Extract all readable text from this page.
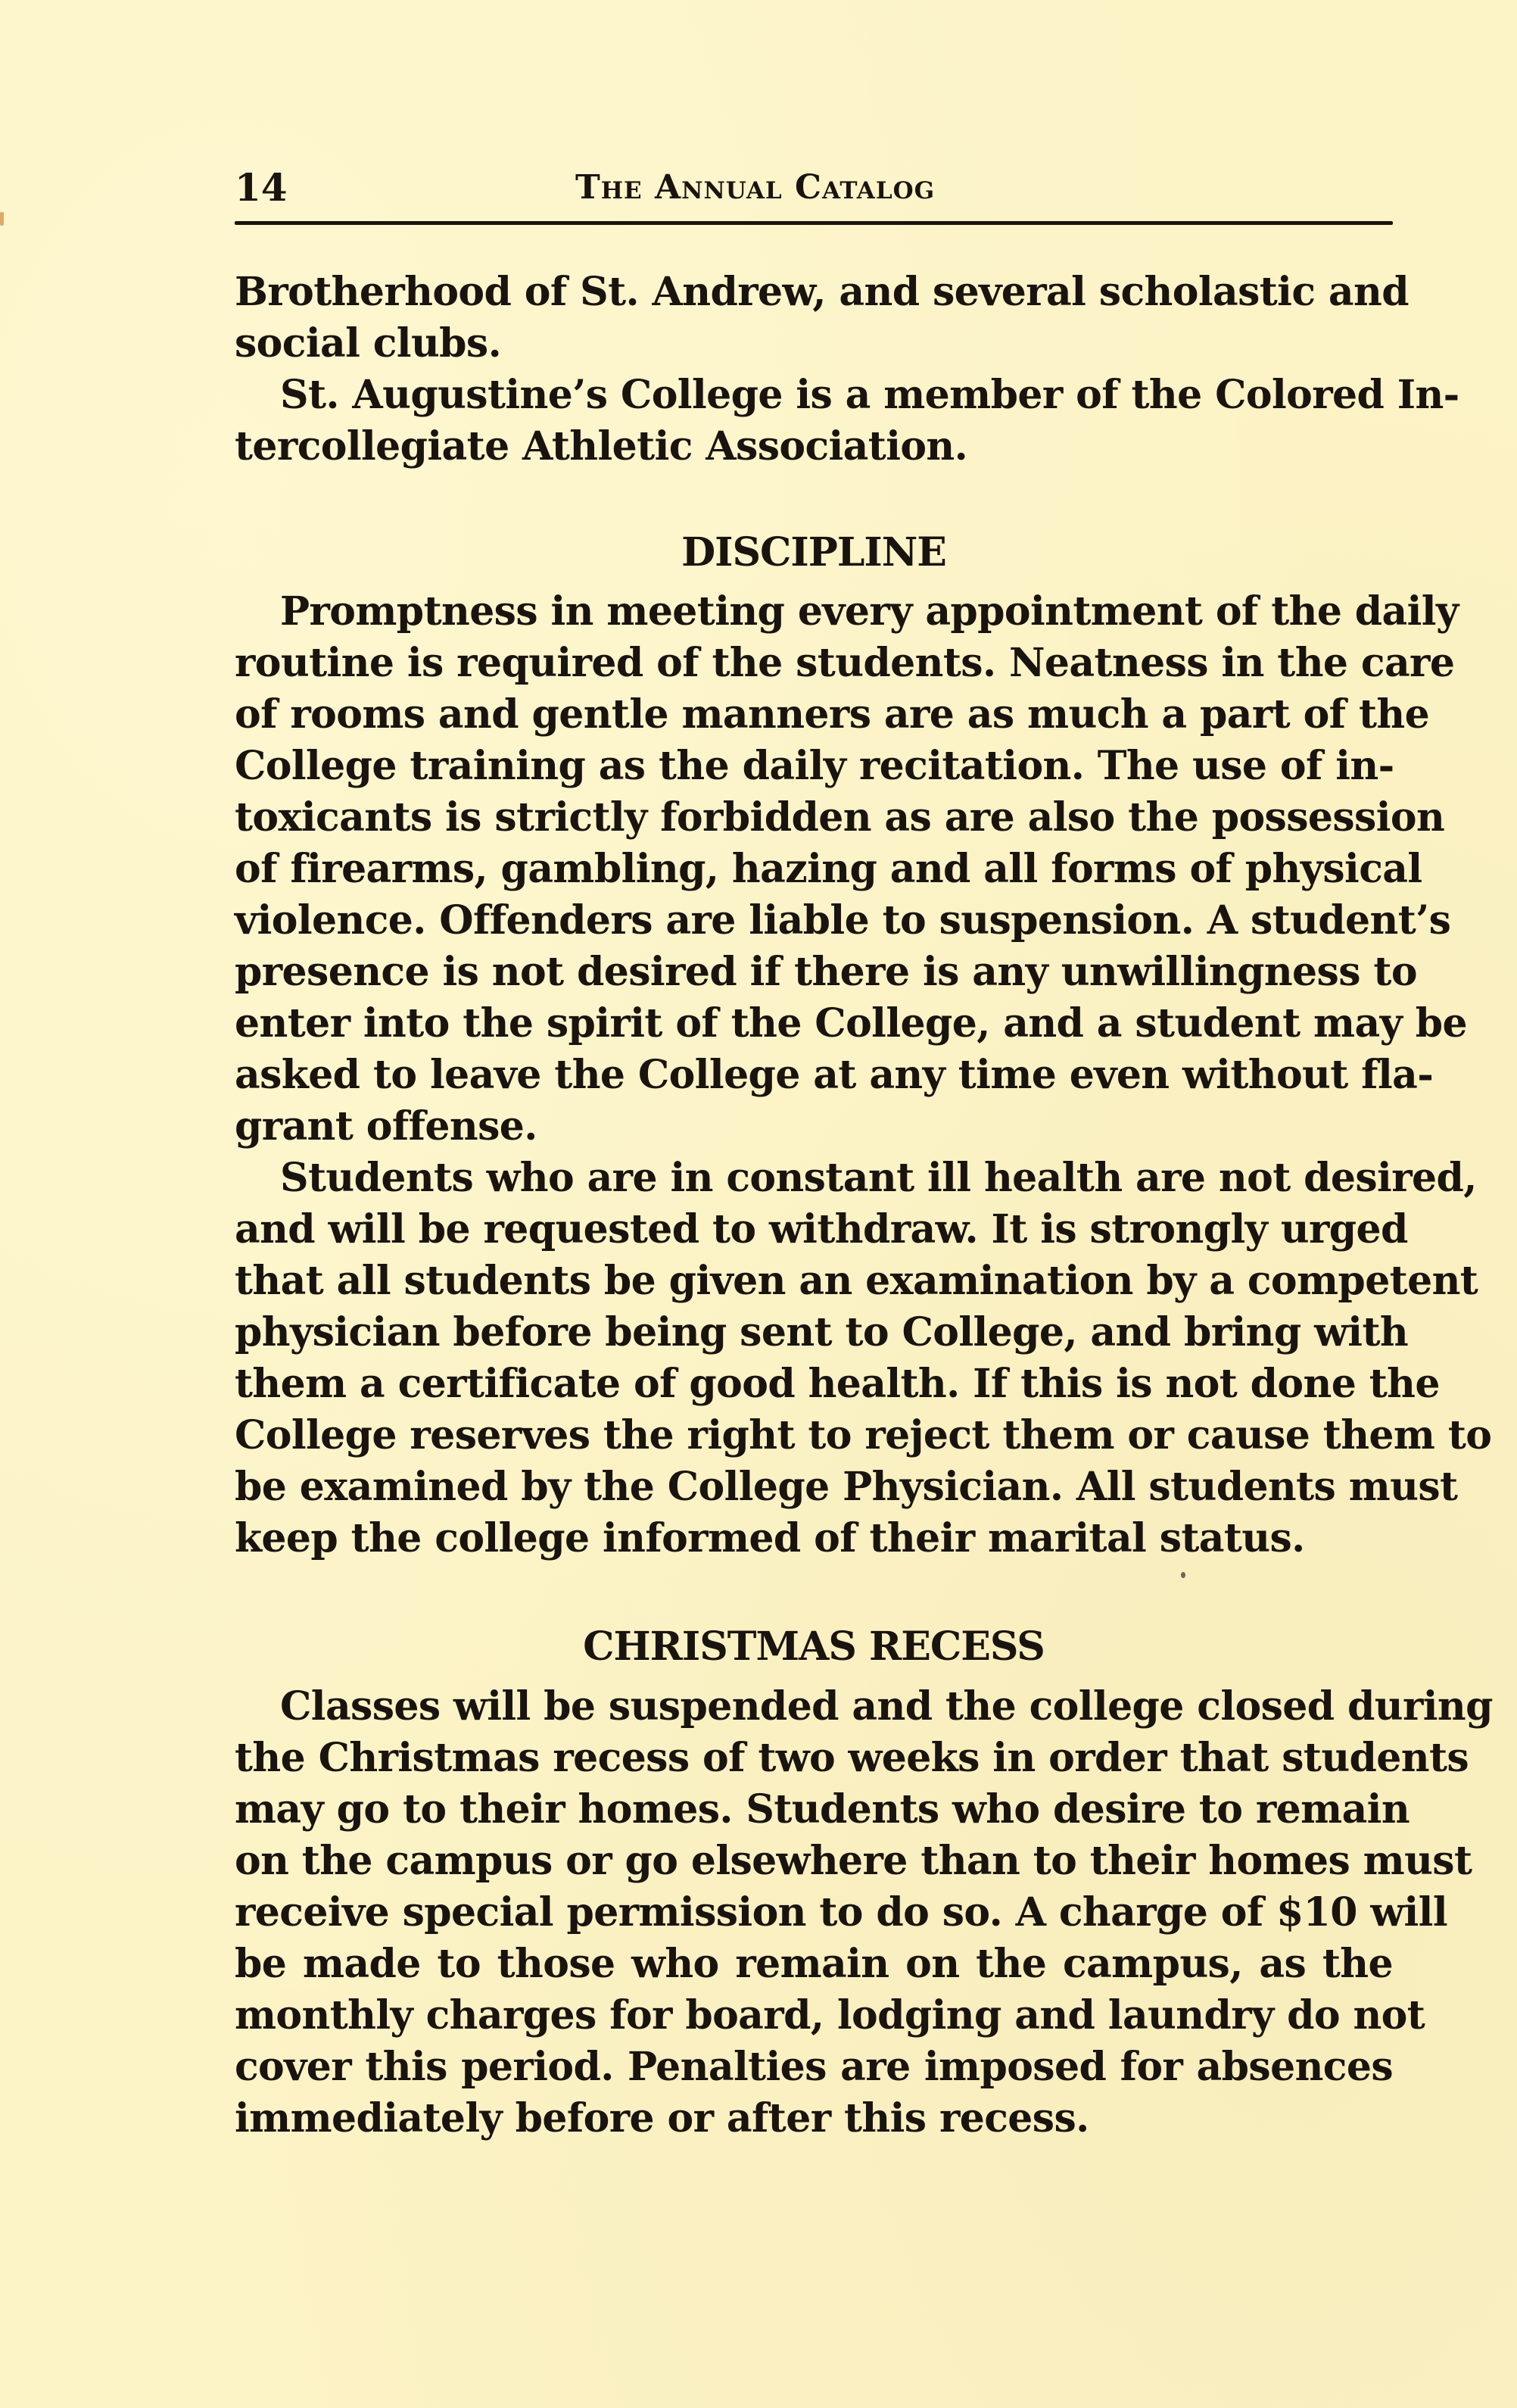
14	The Annual Catalog
Brotherhood of St. Andrew, and several scholastic and
social clubs.
St. Augustine’s College is a member of the Colored In-
tercollegiate Athletic Association.
DISCIPLINE
Promptness in meeting every appointment of the daily
routine is required of the students. Neatness in the care
of rooms and gentle manners are as much a part of the
College training as the daily recitation. The use of in-
toxicants is strictly forbidden as are also the possession
of firearms, gambling, hazing and all forms of physical
violence. Offenders are liable to suspension. A student’s
presence is not desired if there is any unwillingness to
enter into the spirit of the College, and a student may be
asked to leave the College at any time even without fla-
grant offense.
Students who are in constant ill health are not desired,
and will be requested to withdraw. It is strongly urged
that all students be given an examination by a competent
physician before being sent to College, and bring with
them a certificate of good health. If this is not done the
College reserves the right to reject them or cause them to
be examined by the College Physician. All students must
keep the college informed of their marital status.
CHRISTMAS RECESS
Classes will be suspended and the college closed during
the Christmas recess of two weeks in order that students
may go to their homes. Students who desire to remain
on the campus or go elsewhere than to their homes must
receive special permission to do so. A charge of $10 will
be made to those who remain on the campus, as the
monthly charges for board, lodging and laundry do not
cover this period. Penalties are imposed for absences
immediately before or after this recess.
